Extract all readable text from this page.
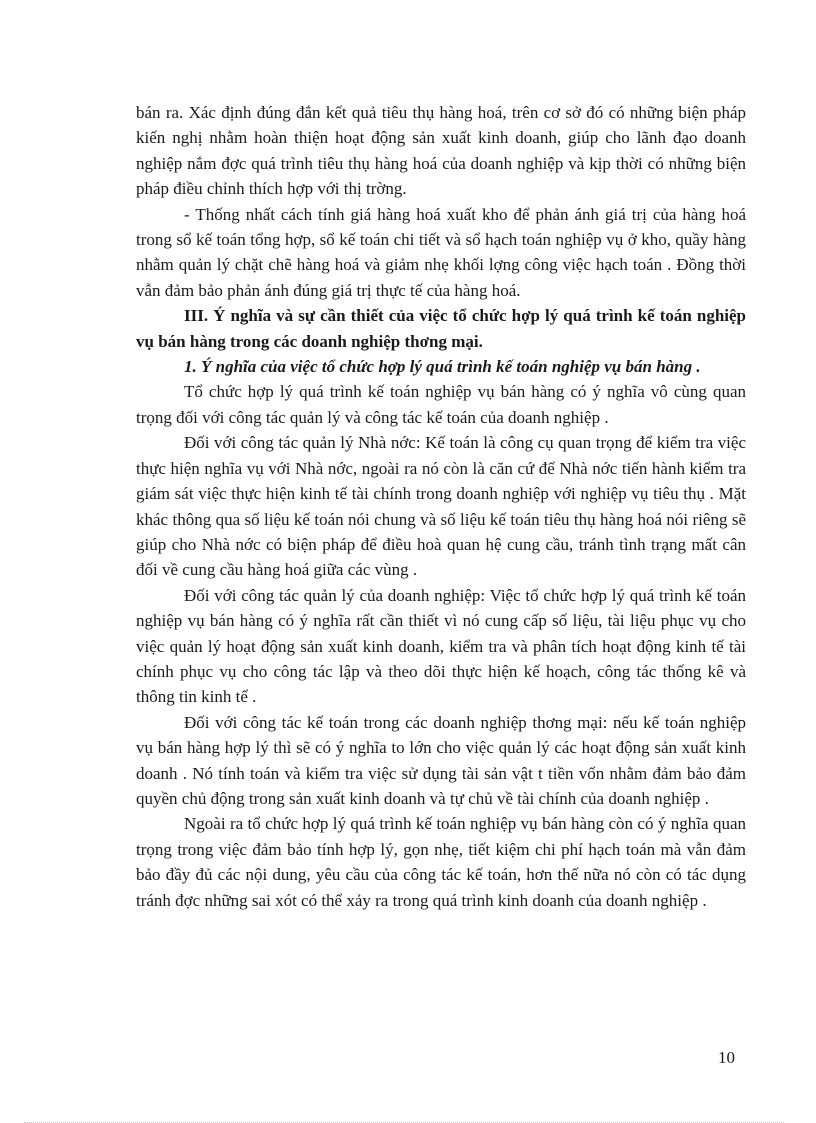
bán ra. Xác định đúng đắn kết quả tiêu thụ hàng hoá, trên cơ sở đó có những biện pháp kiến nghị nhằm hoàn thiện hoạt động sản xuất kinh doanh, giúp cho lãnh đạo doanh nghiệp nắm đợc quá trình tiêu thụ hàng hoá của doanh nghiệp và kịp thời có những biện pháp điều chỉnh thích hợp với thị trờng.

- Thống nhất cách tính giá hàng hoá xuất kho để phản ánh giá trị của hàng hoá trong sổ kế toán tổng hợp, sổ kế toán chi tiết và sổ hạch toán nghiệp vụ ở kho, quầy hàng nhằm quản lý chặt chẽ hàng hoá và giảm nhẹ khối lợng công việc hạch toán . Đồng thời vẫn đảm bảo phản ánh đúng giá trị thực tế của hàng hoá.

III. Ý nghĩa và sự cần thiết của việc tổ chức hợp lý quá trình kế toán nghiệp vụ bán hàng trong các doanh nghiệp thơng mại.

1. Ý nghĩa của việc tổ chức hợp lý quá trình kế toán nghiệp vụ bán hàng .

Tổ chức hợp lý quá trình kế toán nghiệp vụ bán hàng có ý nghĩa vô cùng quan trọng đối với công tác quản lý và công tác kế toán của doanh nghiệp .

Đối với công tác quản lý Nhà nớc: Kế toán là công cụ quan trọng để kiểm tra việc thực hiện nghĩa vụ với Nhà nớc, ngoài ra nó còn là căn cứ để Nhà nớc tiến hành kiểm tra giám sát việc thực hiện kinh tế tài chính trong doanh nghiệp với nghiệp vụ tiêu thụ . Mặt khác thông qua số liệu kế toán nói chung và số liệu kế toán tiêu thụ hàng hoá nói riêng sẽ giúp cho Nhà nớc có biện pháp để điều hoà quan hệ cung cầu, tránh tình trạng mất cân đối về cung cầu hàng hoá giữa các vùng .

Đối với công tác quản lý của doanh nghiệp: Việc tổ chức hợp lý quá trình kế toán nghiệp vụ bán hàng có ý nghĩa rất cần thiết vì nó cung cấp số liệu, tài liệu phục vụ cho việc quản lý hoạt động sản xuất kinh doanh, kiểm tra và phân tích hoạt động kinh tế tài chính phục vụ cho công tác lập và theo dõi thực hiện kế hoạch, công tác thống kê và thông tin kinh tế .

Đối với công tác kế toán trong các doanh nghiệp thơng mại: nếu kế toán nghiệp vụ bán hàng hợp lý thì sẽ có ý nghĩa to lớn cho việc quản lý các hoạt động sản xuất kinh doanh . Nó tính toán và kiểm tra việc sử dụng tài sản vật t tiền vốn nhằm đảm bảo đảm quyền chủ động trong sản xuất kinh doanh và tự chủ về tài chính của doanh nghiệp .

Ngoài ra tổ chức hợp lý quá trình kế toán nghiệp vụ bán hàng còn có ý nghĩa quan trọng trong việc đảm bảo tính hợp lý, gọn nhẹ, tiết kiệm chi phí hạch toán mà vẫn đảm bảo đầy đủ các nội dung, yêu cầu của công tác kế toán, hơn thế nữa nó còn có tác dụng tránh đợc những sai xót có thể xảy ra trong quá trình kinh doanh của doanh nghiệp .

10
